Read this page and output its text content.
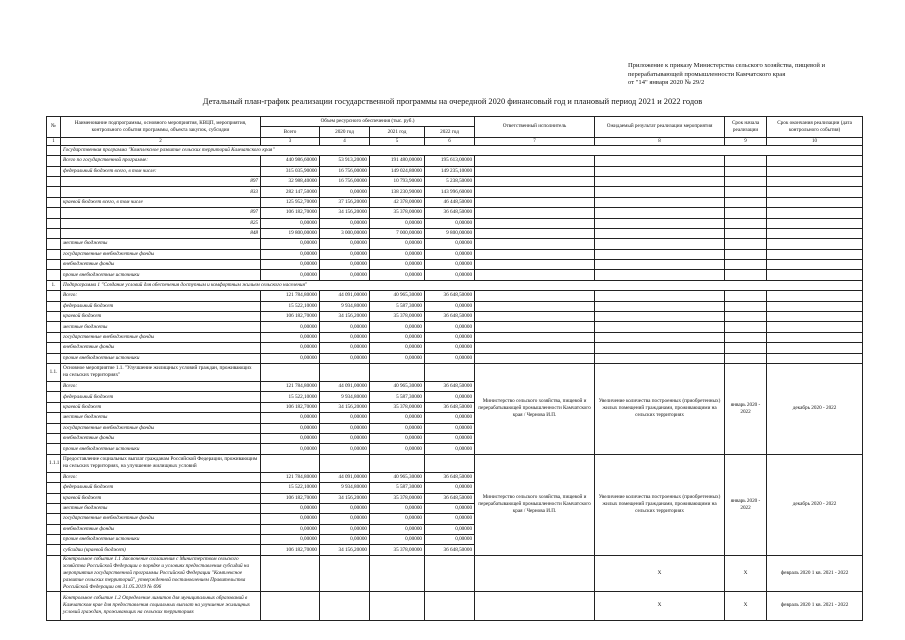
Приложение к приказу Министерства сельского хозяйства, пищевой и
перерабатывающей промышленности Камчатского края
от "14" января 2020 № 29/2
Детальный план-график реализации государственной программы на очередной 2020 финансовый год и плановый период 2021 и 2022 годов
№	Наименование подпрограммы, основного мероприятия, КВЦП, мероприятия, контрольного события программы, объекта закупок, субсидии	Объем ресурсного обеспечения (тыс. руб.)				Ответственный исполнитель	Ожидаемый результат реализации мероприятия	Срок начала реализации	Срок окончания реализации (дата контрольного события)
		Всего	2020 год	2021 год	2022 год				
1	2	3	4	5	6	7	8	9	10
	Государственная программа "Комплексное развитие сельских территорий Камчатского края"								
	Всего по государственной программе:	440 986,60000	53 913,20000	191 480,00000	195 613,00000				
	федеральный бюджет всего, в том числе:	315 035,90000	16 756,00000	149 024,80000	149 235,10000				
	897	32 988,40000	16 756,00000	10 793,90000	5 238,50000				
	833	282 147,50000	0,00000	138 230,90000	143 996,60000				
	краевой бюджет всего, в том числе	125 952,70000	37 156,20000	42 378,00000	46 448,50000				
	897	106 182,70000	34 156,20000	35 378,00000	36 648,50000				
	825	0,00000	0,00000	0,00000	0,00000				
	848	19 800,00000	3 000,00000	7 000,00000	9 800,00000				
	местные бюджеты	0,00000	0,00000	0,00000	0,00000				
	государственные внебюджетные фонды	0,00000	0,00000	0,00000	0,00000				
	внебюджетные фонды	0,00000	0,00000	0,00000	0,00000				
	прочие внебюджетные источники	0,00000	0,00000	0,00000	0,00000				
1.	Подпрограмма 1 "Создание условий для обеспечения доступным и комфортным жильем сельского населения"								
	Всего:	121 784,80000	44 091,00000	40 965,30000	36 648,50000				
	федеральный бюджет	15 522,10000	9 934,80000	5 587,30000	0,00000				
	краевой бюджет	106 182,70000	34 156,20000	35 378,00000	36 648,50000				
	местные бюджеты	0,00000	0,00000	0,00000	0,00000				
	государственные внебюджетные фонды	0,00000	0,00000	0,00000	0,00000				
	внебюджетные фонды	0,00000	0,00000	0,00000	0,00000				
	прочие внебюджетные источники	0,00000	0,00000	0,00000	0,00000				
1.1.	Основное мероприятие 1.1. "Улучшение жилищных условий граждан, проживающих на сельских территориях"					Министерство сельского хозяйства, пищевой и перерабатывающей промышленности Камчатского края / Чернова И.П.	Увеличение количества построенных (приобретенных) жилых помещений гражданами, проживающими на сельских территориях	январь 2020 - 2022	декабрь 2020 - 2022
	Всего:	121 784,80000	44 091,00000	40 965,30000	36 648,50000				
	федеральный бюджет	15 522,10000	9 934,80000	5 587,30000	0,00000				
	краевой бюджет	106 182,70000	34 156,20000	35 378,00000	36 648,50000				
	местные бюджеты	0,00000	0,00000	0,00000	0,00000				
	государственные внебюджетные фонды	0,00000	0,00000	0,00000	0,00000				
	внебюджетные фонды	0,00000	0,00000	0,00000	0,00000				
	прочие внебюджетные источники	0,00000	0,00000	0,00000	0,00000				
1.1.1	Предоставление социальных выплат гражданам Российской Федерации, проживающим на сельских территориях, на улучшение жилищных условий					Министерство сельского хозяйства, пищевой и перерабатывающей промышленности Камчатского края / Чернова И.П.	Увеличение количества построенных (приобретенных) жилых помещений гражданами, проживающими на сельских территориях	январь 2020 - 2022	декабрь 2020 - 2022
	Всего:	121 784,80000	44 091,00000	40 965,30000	36 648,50000				
	федеральный бюджет	15 522,10000	9 934,80000	5 587,30000	0,00000				
	краевой бюджет	106 182,70000	34 156,20000	35 378,00000	36 648,50000				
	местные бюджеты	0,00000	0,00000	0,00000	0,00000				
	государственные внебюджетные фонды	0,00000	0,00000	0,00000	0,00000				
	внебюджетные фонды	0,00000	0,00000	0,00000	0,00000				
	прочие внебюджетные источники	0,00000	0,00000	0,00000	0,00000				
	субсидии (краевой бюджет)	106 182,70000	34 156,20000	35 378,00000	36 648,50000				
	Контрольное событие 1.1 Заключение соглашения с Министерством сельского хозяйства Российской Федерации о порядке и условиях предоставления субсидий на мероприятия государственной программы Российской Федерации "Комплексное развитие сельских территорий", утвержденной постановлением Правительства Российской Федерации от 31.05.2019 № 696						X	X	февраль 2020 1 кв. 2021 - 2022
	Контрольное событие 1.2 Определение лимитов для муниципальных образований в Камчатском крае для предоставления социальных выплат на улучшение жилищных условий граждан, проживающих на сельских территориях						X	X	февраль 2020 1 кв. 2021 - 2022
